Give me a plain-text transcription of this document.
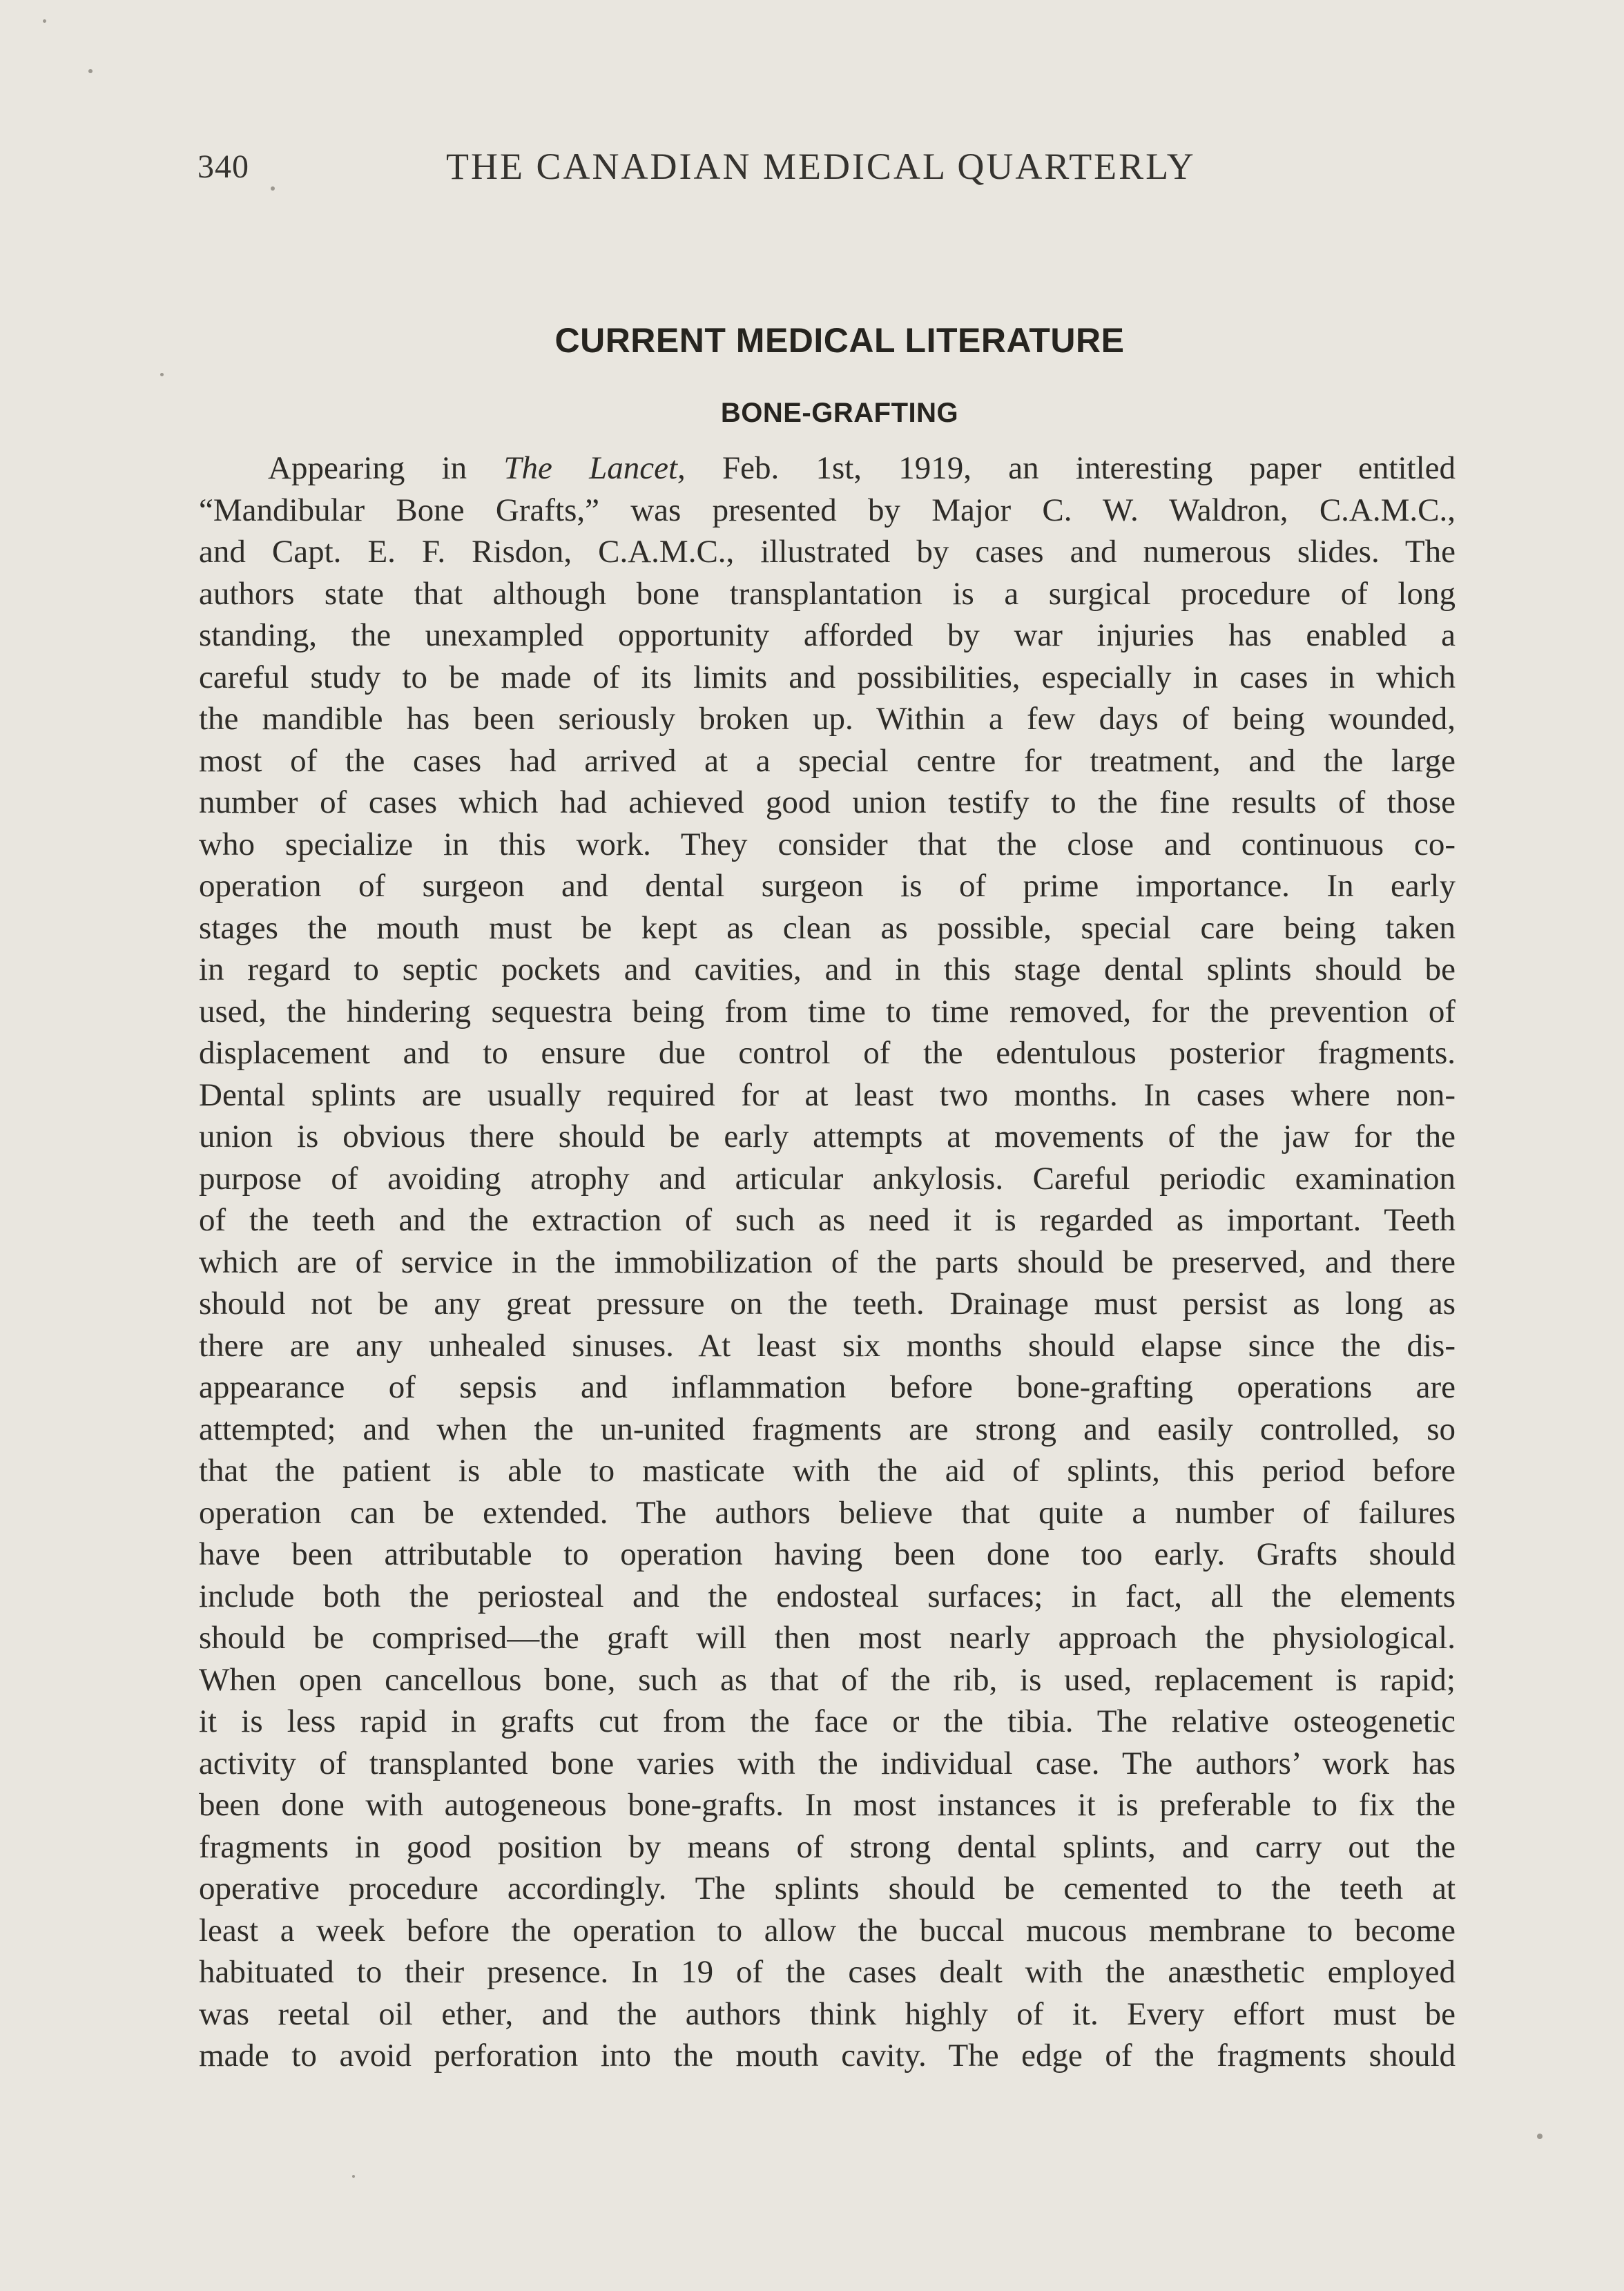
340	THE CANADIAN MEDICAL QUARTERLY
CURRENT MEDICAL LITERATURE
BONE-GRAFTING
Appearing in The Lancet, Feb. 1st, 1919, an interesting paper entitled
“Mandibular Bone Grafts,” was presented by Major C. W. Waldron, C.A.M.C.,
and Capt. E. F. Risdon, C.A.M.C., illustrated by cases and numerous slides. The
authors state that although bone transplantation is a surgical procedure of long
standing, the unexampled opportunity afforded by war injuries has enabled a
careful study to be made of its limits and possibilities, especially in cases in which
the mandible has been seriously broken up. Within a few days of being wounded,
most of the cases had arrived at a special centre for treatment, and the large
number of cases which had achieved good union testify to the fine results of those
who specialize in this work. They consider that the close and continuous co-
operation of surgeon and dental surgeon is of prime importance. In early
stages the mouth must be kept as clean as possible, special care being taken
in regard to septic pockets and cavities, and in this stage dental splints should be
used, the hindering sequestra being from time to time removed, for the prevention of
displacement and to ensure due control of the edentulous posterior fragments.
Dental splints are usually required for at least two months. In cases where non-
union is obvious there should be early attempts at movements of the jaw for the
purpose of avoiding atrophy and articular ankylosis. Careful periodic examination
of the teeth and the extraction of such as need it is regarded as important. Teeth
which are of service in the immobilization of the parts should be preserved, and there
should not be any great pressure on the teeth. Drainage must persist as long as
there are any unhealed sinuses. At least six months should elapse since the dis-
appearance of sepsis and inflammation before bone-grafting operations are
attempted; and when the un-united fragments are strong and easily controlled, so
that the patient is able to masticate with the aid of splints, this period before
operation can be extended. The authors believe that quite a number of failures
have been attributable to operation having been done too early. Grafts should
include both the periosteal and the endosteal surfaces; in fact, all the elements
should be comprised—the graft will then most nearly approach the physiological.
When open cancellous bone, such as that of the rib, is used, replacement is rapid;
it is less rapid in grafts cut from the face or the tibia. The relative osteogenetic
activity of transplanted bone varies with the individual case. The authors’ work has
been done with autogeneous bone-grafts. In most instances it is preferable to fix the
fragments in good position by means of strong dental splints, and carry out the
operative procedure accordingly. The splints should be cemented to the teeth at
least a week before the operation to allow the buccal mucous membrane to become
habituated to their presence. In 19 of the cases dealt with the anæsthetic employed
was reetal oil ether, and the authors think highly of it. Every effort must be
made to avoid perforation into the mouth cavity. The edge of the fragments should
